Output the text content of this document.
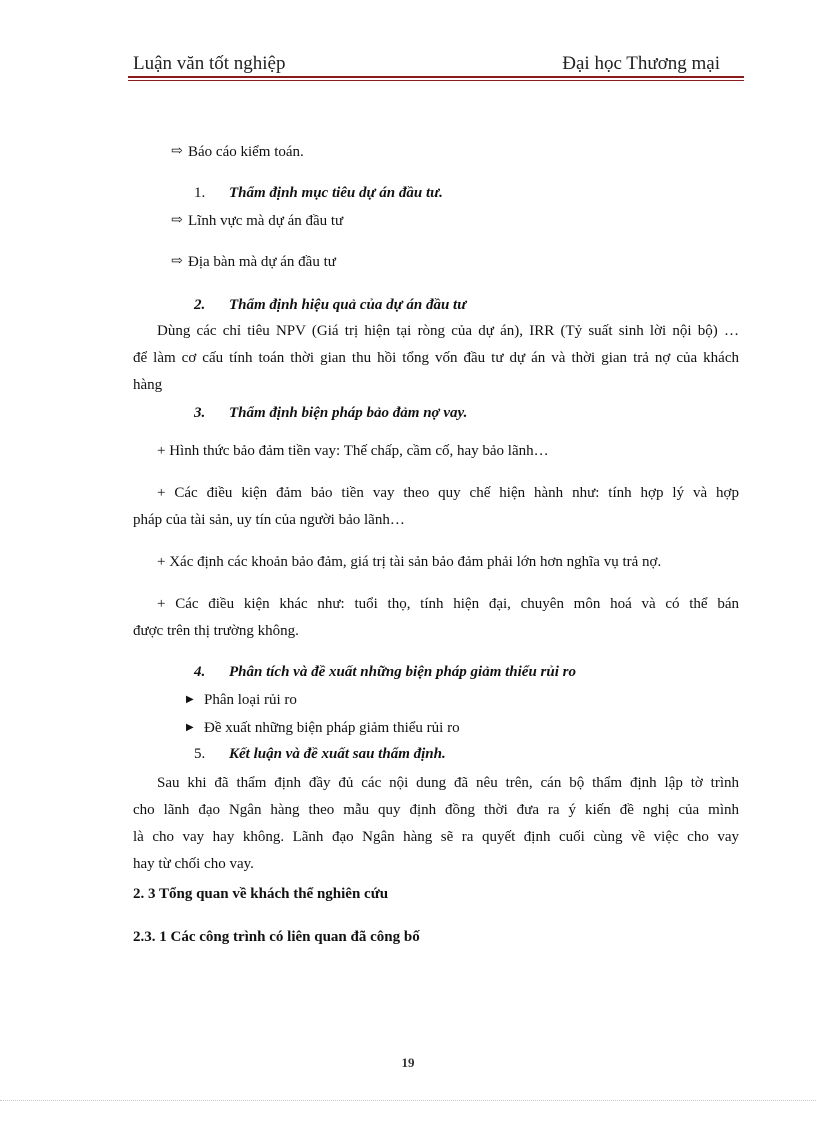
Luận văn tốt nghiệp	Đại học Thương mại
⇨ Báo cáo kiểm toán.
1. Thẩm định mục tiêu dự án đầu tư.
⇨ Lĩnh vực mà dự án đầu tư
⇨ Địa bàn mà dự án đầu tư
2. Thẩm định hiệu quả của dự án đầu tư
Dùng các chỉ tiêu NPV (Giá trị hiện tại ròng của dự án), IRR (Tỷ suất sinh lời nội bộ) …
để làm cơ cấu tính toán thời gian thu hồi tổng vốn đầu tư dự án và thời gian trả nợ của khách
hàng
3. Thẩm định biện pháp bảo đảm nợ vay.
+ Hình thức bảo đảm tiền vay: Thế chấp, cầm cố, hay bảo lãnh…
+ Các điều kiện đảm bảo tiền vay theo quy chế hiện hành như: tính hợp lý và hợp
pháp của tài sản, uy tín của người bảo lãnh…
+ Xác định các khoản bảo đảm, giá trị tài sản bảo đảm phải lớn hơn nghĩa vụ trả nợ.
+ Các điều kiện khác như: tuổi thọ, tính hiện đại, chuyên môn hoá và có thể bán
được trên thị trường không.
4. Phân tích và đề xuất những biện pháp giảm thiểu rủi ro
▶ Phân loại rủi ro
▶ Đề xuất những biện pháp giảm thiểu rủi ro
5. Kết luận và đề xuất sau thẩm định.
Sau khi đã thẩm định đầy đủ các nội dung đã nêu trên, cán bộ thẩm định lập tờ trình
cho lãnh đạo Ngân hàng theo mẫu quy định đồng thời đưa ra ý kiến đề nghị của mình
là cho vay hay không. Lãnh đạo Ngân hàng sẽ ra quyết định cuối cùng về việc cho vay
hay từ chối cho vay.
2. 3 Tổng quan về khách thể nghiên cứu
2.3. 1 Các công trình có liên quan đã công bố
19
